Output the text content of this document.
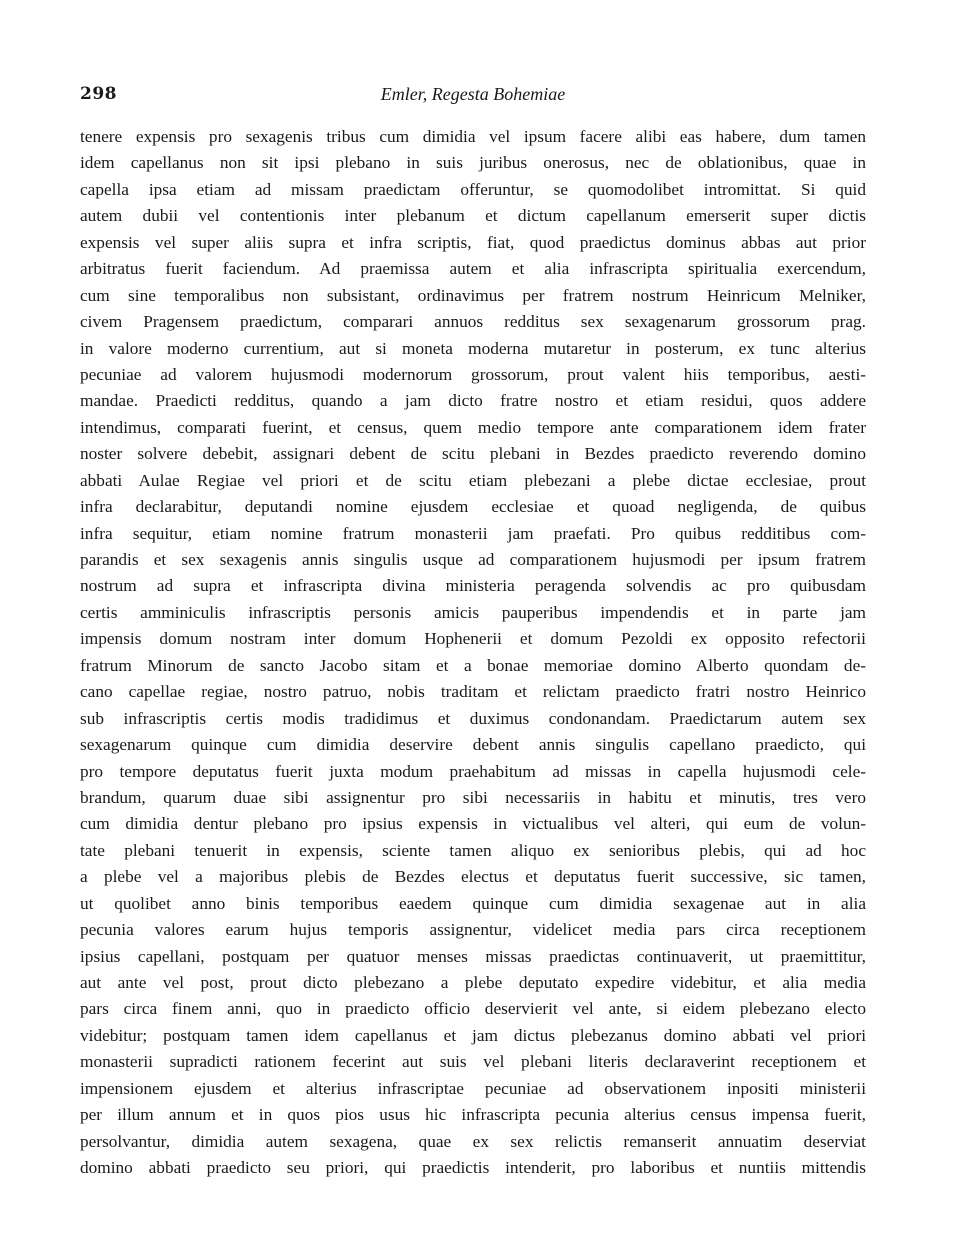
298	Emler, Regesta Bohemiae
tenere expensis pro sexagenis tribus cum dimidia vel ipsum facere alibi eas habere, dum tamen
idem capellanus non sit ipsi plebano in suis juribus onerosus, nec de oblationibus, quae in
capella ipsa etiam ad missam praedictam offeruntur, se quomodolibet intromittat. Si quid
autem dubii vel contentionis inter plebanum et dictum capellanum emerserit super dictis
expensis vel super aliis supra et infra scriptis, fiat, quod praedictus dominus abbas aut prior
arbitratus fuerit faciendum. Ad praemissa autem et alia infrascripta spiritualia exercendum,
cum sine temporalibus non subsistant, ordinavimus per fratrem nostrum Heinricum Melniker,
civem Pragensem praedictum, comparari annuos redditus sex sexagenarum grossorum prag.
in valore moderno currentium, aut si moneta moderna mutaretur in posterum, ex tunc alterius
pecuniae ad valorem hujusmodi modernorum grossorum, prout valent hiis temporibus, aesti-
mandae. Praedicti redditus, quando a jam dicto fratre nostro et etiam residui, quos addere
intendimus, comparati fuerint, et census, quem medio tempore ante comparationem idem frater
noster solvere debebit, assignari debent de scitu plebani in Bezdes praedicto reverendo domino
abbati Aulae Regiae vel priori et de scitu etiam plebezani a plebe dictae ecclesiae, prout
infra declarabitur, deputandi nomine ejusdem ecclesiae et quoad negligenda, de quibus
infra sequitur, etiam nomine fratrum monasterii jam praefati. Pro quibus redditibus com-
parandis et sex sexagenis annis singulis usque ad comparationem hujusmodi per ipsum fratrem
nostrum ad supra et infrascripta divina ministeria peragenda solvendis ac pro quibusdam
certis amminiculis infrascriptis personis amicis pauperibus impendendis et in parte jam
impensis domum nostram inter domum Hophenerii et domum Pezoldi ex opposito refectorii
fratrum Minorum de sancto Jacobo sitam et a bonae memoriae domino Alberto quondam de-
cano capellae regiae, nostro patruo, nobis traditam et relictam praedicto fratri nostro Heinrico
sub infrascriptis certis modis tradidimus et duximus condonandam. Praedictarum autem sex
sexagenarum quinque cum dimidia deservire debent annis singulis capellano praedicto, qui
pro tempore deputatus fuerit juxta modum praehabitum ad missas in capella hujusmodi cele-
brandum, quarum duae sibi assignentur pro sibi necessariis in habitu et minutis, tres vero
cum dimidia dentur plebano pro ipsius expensis in victualibus vel alteri, qui eum de volun-
tate plebani tenuerit in expensis, sciente tamen aliquo ex senioribus plebis, qui ad hoc
a plebe vel a majoribus plebis de Bezdes electus et deputatus fuerit successive, sic tamen,
ut quolibet anno binis temporibus eaedem quinque cum dimidia sexagenae aut in alia
pecunia valores earum hujus temporis assignentur, videlicet media pars circa receptionem
ipsius capellani, postquam per quatuor menses missas praedictas continuaverit, ut praemittitur,
aut ante vel post, prout dicto plebezano a plebe deputato expedire videbitur, et alia media
pars circa finem anni, quo in praedicto officio deservierit vel ante, si eidem plebezano electo
videbitur; postquam tamen idem capellanus et jam dictus plebezanus domino abbati vel priori
monasterii supradicti rationem fecerint aut suis vel plebani literis declaraverint receptionem et
impensionem ejusdem et alterius infrascriptae pecuniae ad observationem inpositi ministerii
per illum annum et in quos pios usus hic infrascripta pecunia alterius census impensa fuerit,
persolvantur, dimidia autem sexagena, quae ex sex relictis remanserit annuatim deserviat
domino abbati praedicto seu priori, qui praedictis intenderit, pro laboribus et nuntiis mittendis
